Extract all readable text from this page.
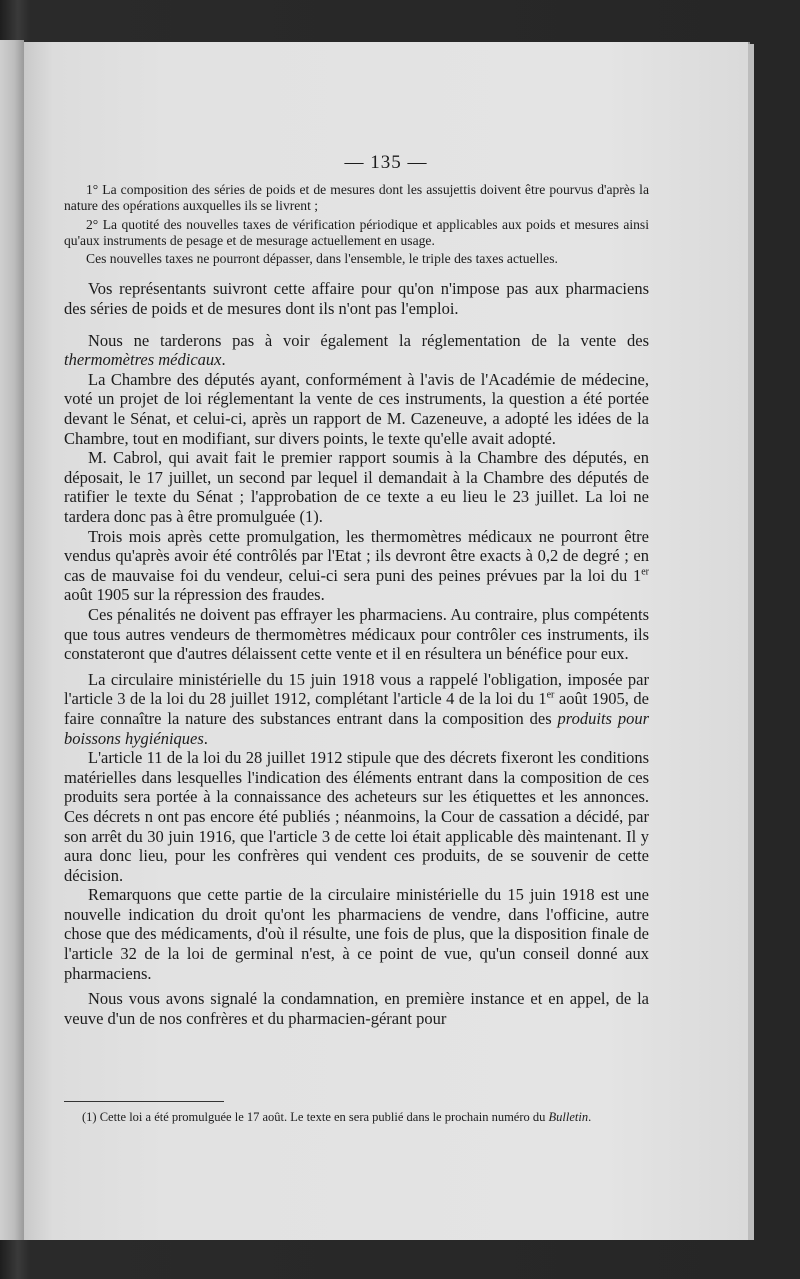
— 135 —

1° La composition des séries de poids et de mesures dont les assujettis doivent être pourvus d'après la nature des opérations auxquelles ils se livrent ;

2° La quotité des nouvelles taxes de vérification périodique et applicables aux poids et mesures ainsi qu'aux instruments de pesage et de mesurage actuellement en usage.

Ces nouvelles taxes ne pourront dépasser, dans l'ensemble, le triple des taxes actuelles.

Vos représentants suivront cette affaire pour qu'on n'impose pas aux pharmaciens des séries de poids et de mesures dont ils n'ont pas l'emploi.

Nous ne tarderons pas à voir également la réglementation de la vente des thermomètres médicaux.

La Chambre des députés ayant, conformément à l'avis de l'Académie de médecine, voté un projet de loi réglementant la vente de ces instruments, la question a été portée devant le Sénat, et celui-ci, après un rapport de M. Cazeneuve, a adopté les idées de la Chambre, tout en modifiant, sur divers points, le texte qu'elle avait adopté.

M. Cabrol, qui avait fait le premier rapport soumis à la Chambre des députés, en déposait, le 17 juillet, un second par lequel il demandait à la Chambre des députés de ratifier le texte du Sénat ; l'approbation de ce texte a eu lieu le 23 juillet. La loi ne tardera donc pas à être promulguée (1).

Trois mois après cette promulgation, les thermomètres médicaux ne pourront être vendus qu'après avoir été contrôlés par l'Etat ; ils devront être exacts à 0,2 de degré ; en cas de mauvaise foi du vendeur, celui-ci sera puni des peines prévues par la loi du 1er août 1905 sur la répression des fraudes.

Ces pénalités ne doivent pas effrayer les pharmaciens. Au contraire, plus compétents que tous autres vendeurs de thermomètres médicaux pour contrôler ces instruments, ils constateront que d'autres délaissent cette vente et il en résultera un bénéfice pour eux.

La circulaire ministérielle du 15 juin 1918 vous a rappelé l'obligation, imposée par l'article 3 de la loi du 28 juillet 1912, complétant l'article 4 de la loi du 1er août 1905, de faire connaître la nature des substances entrant dans la composition des produits pour boissons hygiéniques.

L'article 11 de la loi du 28 juillet 1912 stipule que des décrets fixeront les conditions matérielles dans lesquelles l'indication des éléments entrant dans la composition de ces produits sera portée à la connaissance des acheteurs sur les étiquettes et les annonces. Ces décrets n ont pas encore été publiés ; néanmoins, la Cour de cassation a décidé, par son arrêt du 30 juin 1916, que l'article 3 de cette loi était applicable dès maintenant. Il y aura donc lieu, pour les confrères qui vendent ces produits, de se souvenir de cette décision.

Remarquons que cette partie de la circulaire ministérielle du 15 juin 1918 est une nouvelle indication du droit qu'ont les pharmaciens de vendre, dans l'officine, autre chose que des médicaments, d'où il résulte, une fois de plus, que la disposition finale de l'article 32 de la loi de germinal n'est, à ce point de vue, qu'un conseil donné aux pharmaciens.

Nous vous avons signalé la condamnation, en première instance et en appel, de la veuve d'un de nos confrères et du pharmacien-gérant pour

(1) Cette loi a été promulguée le 17 août. Le texte en sera publié dans le prochain numéro du Bulletin.
